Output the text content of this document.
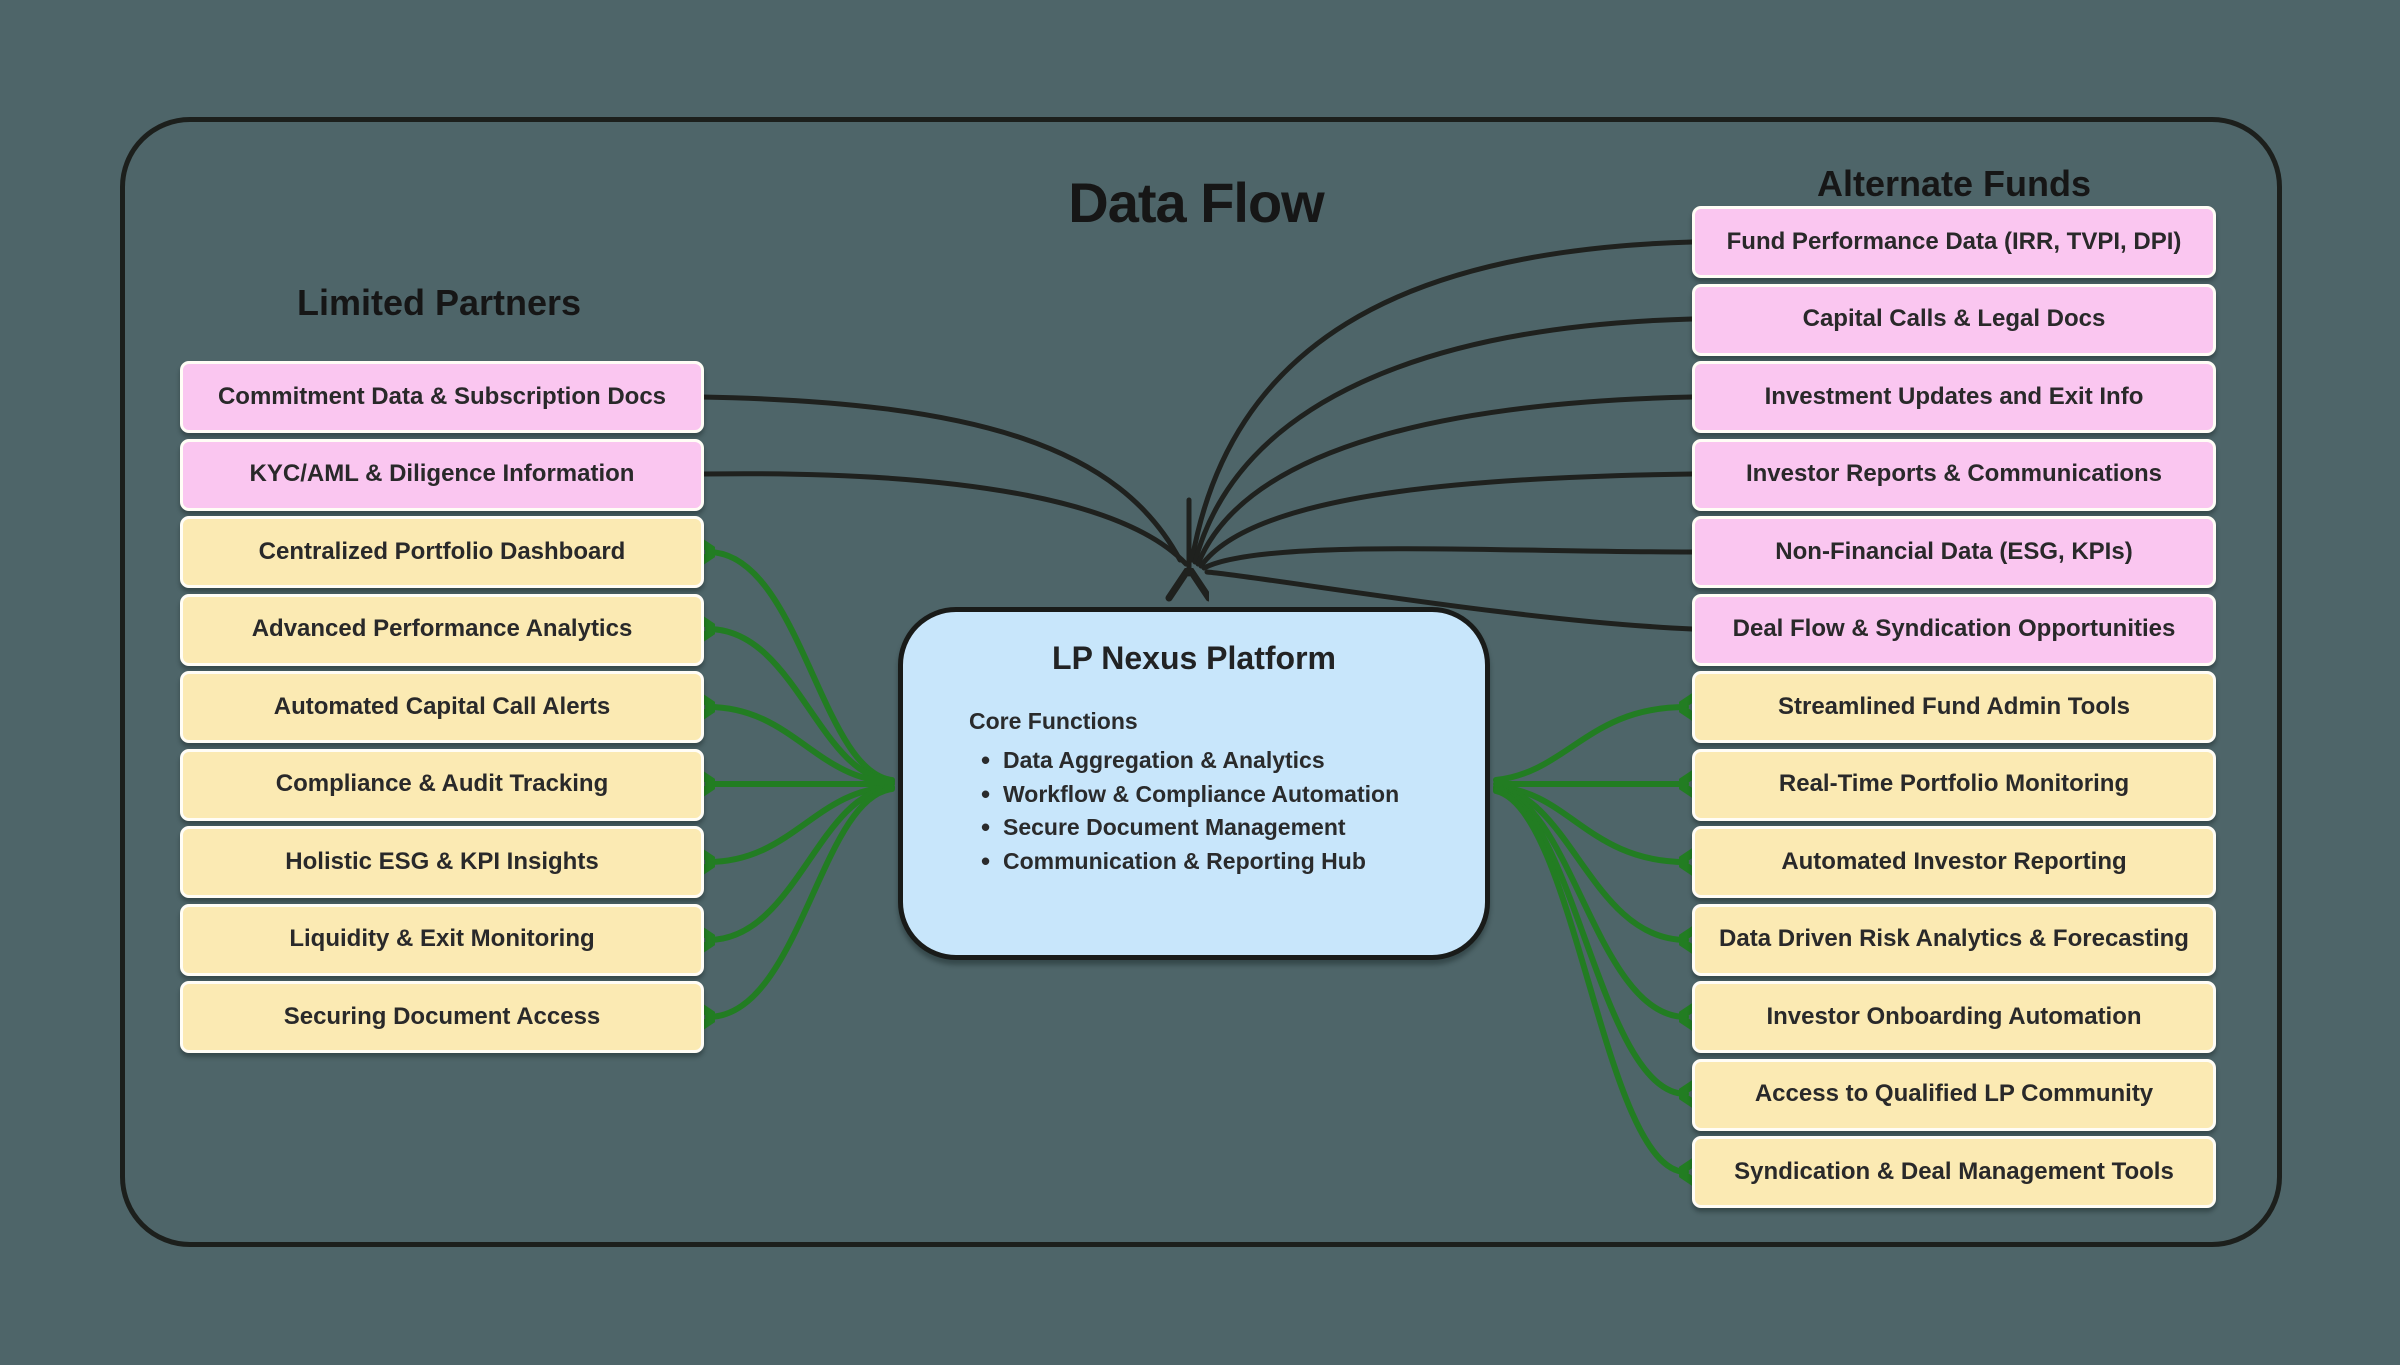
Data Flow
Limited Partners
Alternate Funds
Commitment Data & Subscription Docs
KYC/AML & Diligence Information
Centralized Portfolio Dashboard
Advanced Performance Analytics
Automated Capital Call Alerts
Compliance & Audit Tracking
Holistic ESG & KPI Insights
Liquidity & Exit Monitoring
Securing Document Access
Fund Performance Data (IRR, TVPI, DPI)
Capital Calls & Legal Docs
Investment Updates and Exit Info
Investor Reports & Communications
Non-Financial Data (ESG, KPIs)
Deal Flow & Syndication Opportunities
Streamlined Fund Admin Tools
Real-Time Portfolio Monitoring
Automated Investor Reporting
Data Driven Risk Analytics & Forecasting
Investor Onboarding Automation
Access to Qualified LP Community
Syndication & Deal Management Tools
LP Nexus Platform
Core Functions
• Data Aggregation & Analytics
• Workflow & Compliance Automation
• Secure Document Management
• Communication & Reporting Hub
